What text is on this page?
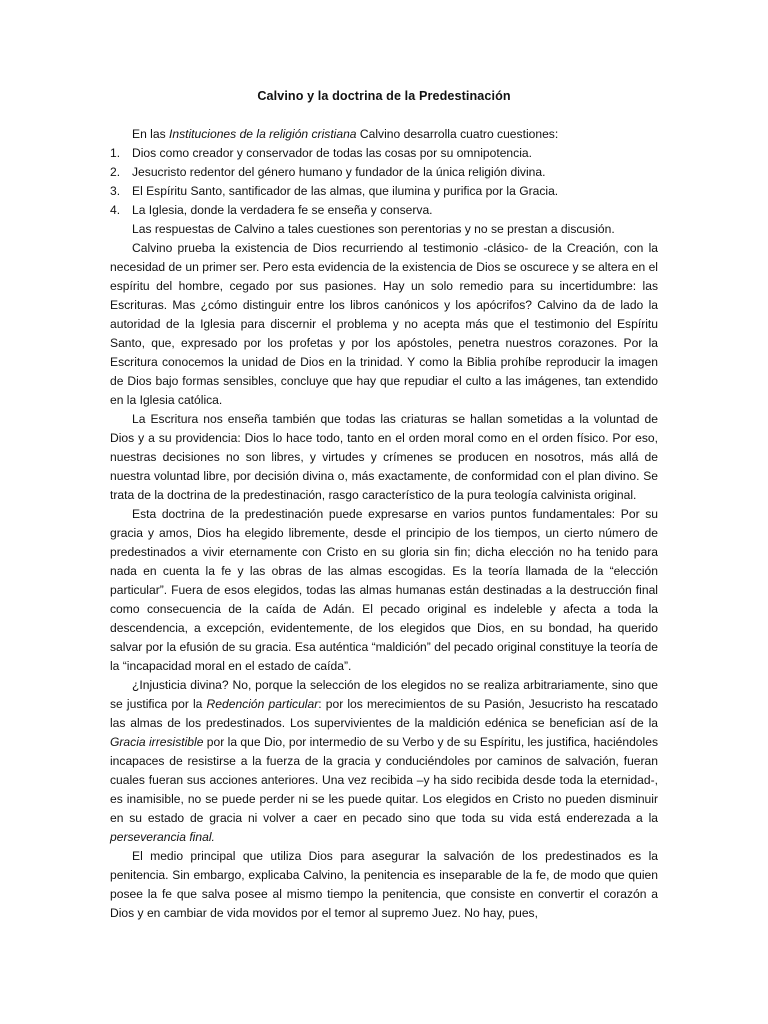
Calvino y la doctrina de la Predestinación

En las Instituciones de la religión cristiana Calvino desarrolla cuatro cuestiones:

1. Dios como creador y conservador de todas las cosas por su omnipotencia.
2. Jesucristo redentor del género humano y fundador de la única religión divina.
3. El Espíritu Santo, santificador de las almas, que ilumina y purifica por la Gracia.
4. La Iglesia, donde la verdadera fe se enseña y conserva.

Las respuestas de Calvino a tales cuestiones son perentorias y no se prestan a discusión.

Calvino prueba la existencia de Dios recurriendo al testimonio -clásico- de la Creación, con la necesidad de un primer ser. Pero esta evidencia de la existencia de Dios se oscurece y se altera en el espíritu del hombre, cegado por sus pasiones. Hay un solo remedio para su incertidumbre: las Escrituras. Mas ¿cómo distinguir entre los libros canónicos y los apócrifos? Calvino da de lado la autoridad de la Iglesia para discernir el problema y no acepta más que el testimonio del Espíritu Santo, que, expresado por los profetas y por los apóstoles, penetra nuestros corazones. Por la Escritura conocemos la unidad de Dios en la trinidad. Y como la Biblia prohíbe reproducir la imagen de Dios bajo formas sensibles, concluye que hay que repudiar el culto a las imágenes, tan extendido en la Iglesia católica.

La Escritura nos enseña también que todas las criaturas se hallan sometidas a la voluntad de Dios y a su providencia: Dios lo hace todo, tanto en el orden moral como en el orden físico. Por eso, nuestras decisiones no son libres, y virtudes y crímenes se producen en nosotros, más allá de nuestra voluntad libre, por decisión divina o, más exactamente, de conformidad con el plan divino. Se trata de la doctrina de la predestinación, rasgo característico de la pura teología calvinista original.

Esta doctrina de la predestinación puede expresarse en varios puntos fundamentales: Por su gracia y amos, Dios ha elegido libremente, desde el principio de los tiempos, un cierto número de predestinados a vivir eternamente con Cristo en su gloria sin fin; dicha elección no ha tenido para nada en cuenta la fe y las obras de las almas escogidas. Es la teoría llamada de la “elección particular”. Fuera de esos elegidos, todas las almas humanas están destinadas a la destrucción final como consecuencia de la caída de Adán. El pecado original es indeleble y afecta a toda la descendencia, a excepción, evidentemente, de los elegidos que Dios, en su bondad, ha querido salvar por la efusión de su gracia. Esa auténtica “maldición” del pecado original constituye la teoría de la “incapacidad moral en el estado de caída”.

¿Injusticia divina? No, porque la selección de los elegidos no se realiza arbitrariamente, sino que se justifica por la Redención particular: por los merecimientos de su Pasión, Jesucristo ha rescatado las almas de los predestinados. Los supervivientes de la maldición edénica se benefician así de la Gracia irresistible por la que Dio, por intermedio de su Verbo y de su Espíritu, les justifica, haciéndoles incapaces de resistirse a la fuerza de la gracia y conduciéndoles por caminos de salvación, fueran cuales fueran sus acciones anteriores. Una vez recibida –y ha sido recibida desde toda la eternidad-, es inamisible, no se puede perder ni se les puede quitar. Los elegidos en Cristo no pueden disminuir en su estado de gracia ni volver a caer en pecado sino que toda su vida está enderezada a la perseverancia final.

El medio principal que utiliza Dios para asegurar la salvación de los predestinados es la penitencia. Sin embargo, explicaba Calvino, la penitencia es inseparable de la fe, de modo que quien posee la fe que salva posee al mismo tiempo la penitencia, que consiste en convertir el corazón a Dios y en cambiar de vida movidos por el temor al supremo Juez. No hay, pues,
